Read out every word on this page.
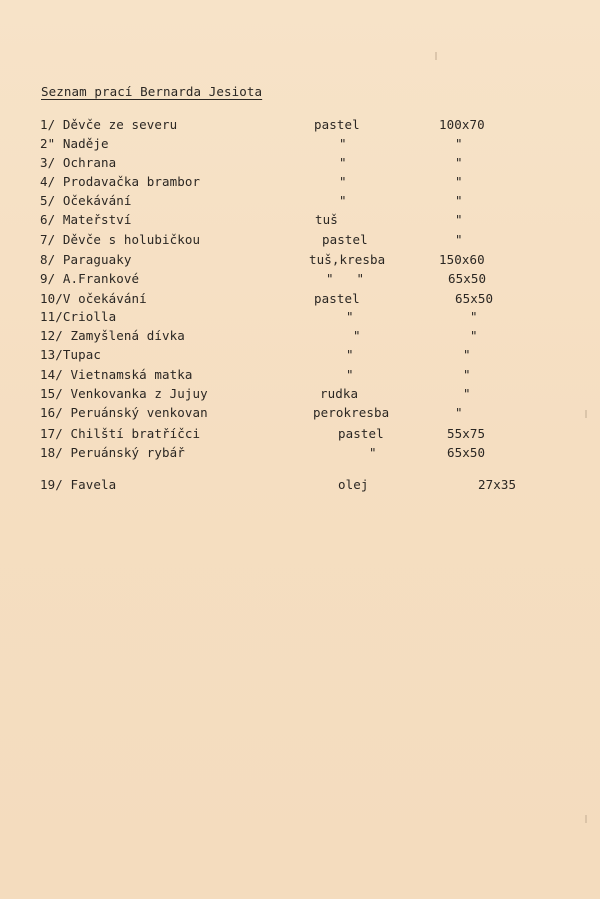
Seznam prací Bernarda Jesiota
1/ Děvče ze severu	pastel	100x70
2" Naděje	"	"
3/ Ochrana	"	"
4/ Prodavačka brambor	"	"
5/ Očekávání	"	"
6/ Mateřství	tuš	"
7/ Děvče s holubičkou	pastel	"
8/ Paraguaky	tuš,kresba	150x60
9/ A.Frankové	"   "	65x50
10/V očekávání	pastel	65x50
11/Criolla	"	"
12/ Zamyšlená dívka	"	"
13/Tupac	"	"
14/ Vietnamská matka	"	"
15/ Venkovanka z Jujuy	rudka	"
16/ Peruánský venkovan	perokresba	"
17/ Chilští bratříčci	pastel	55x75
18/ Peruánský rybář	"	65x50
19/ Favela	olej	27x35
